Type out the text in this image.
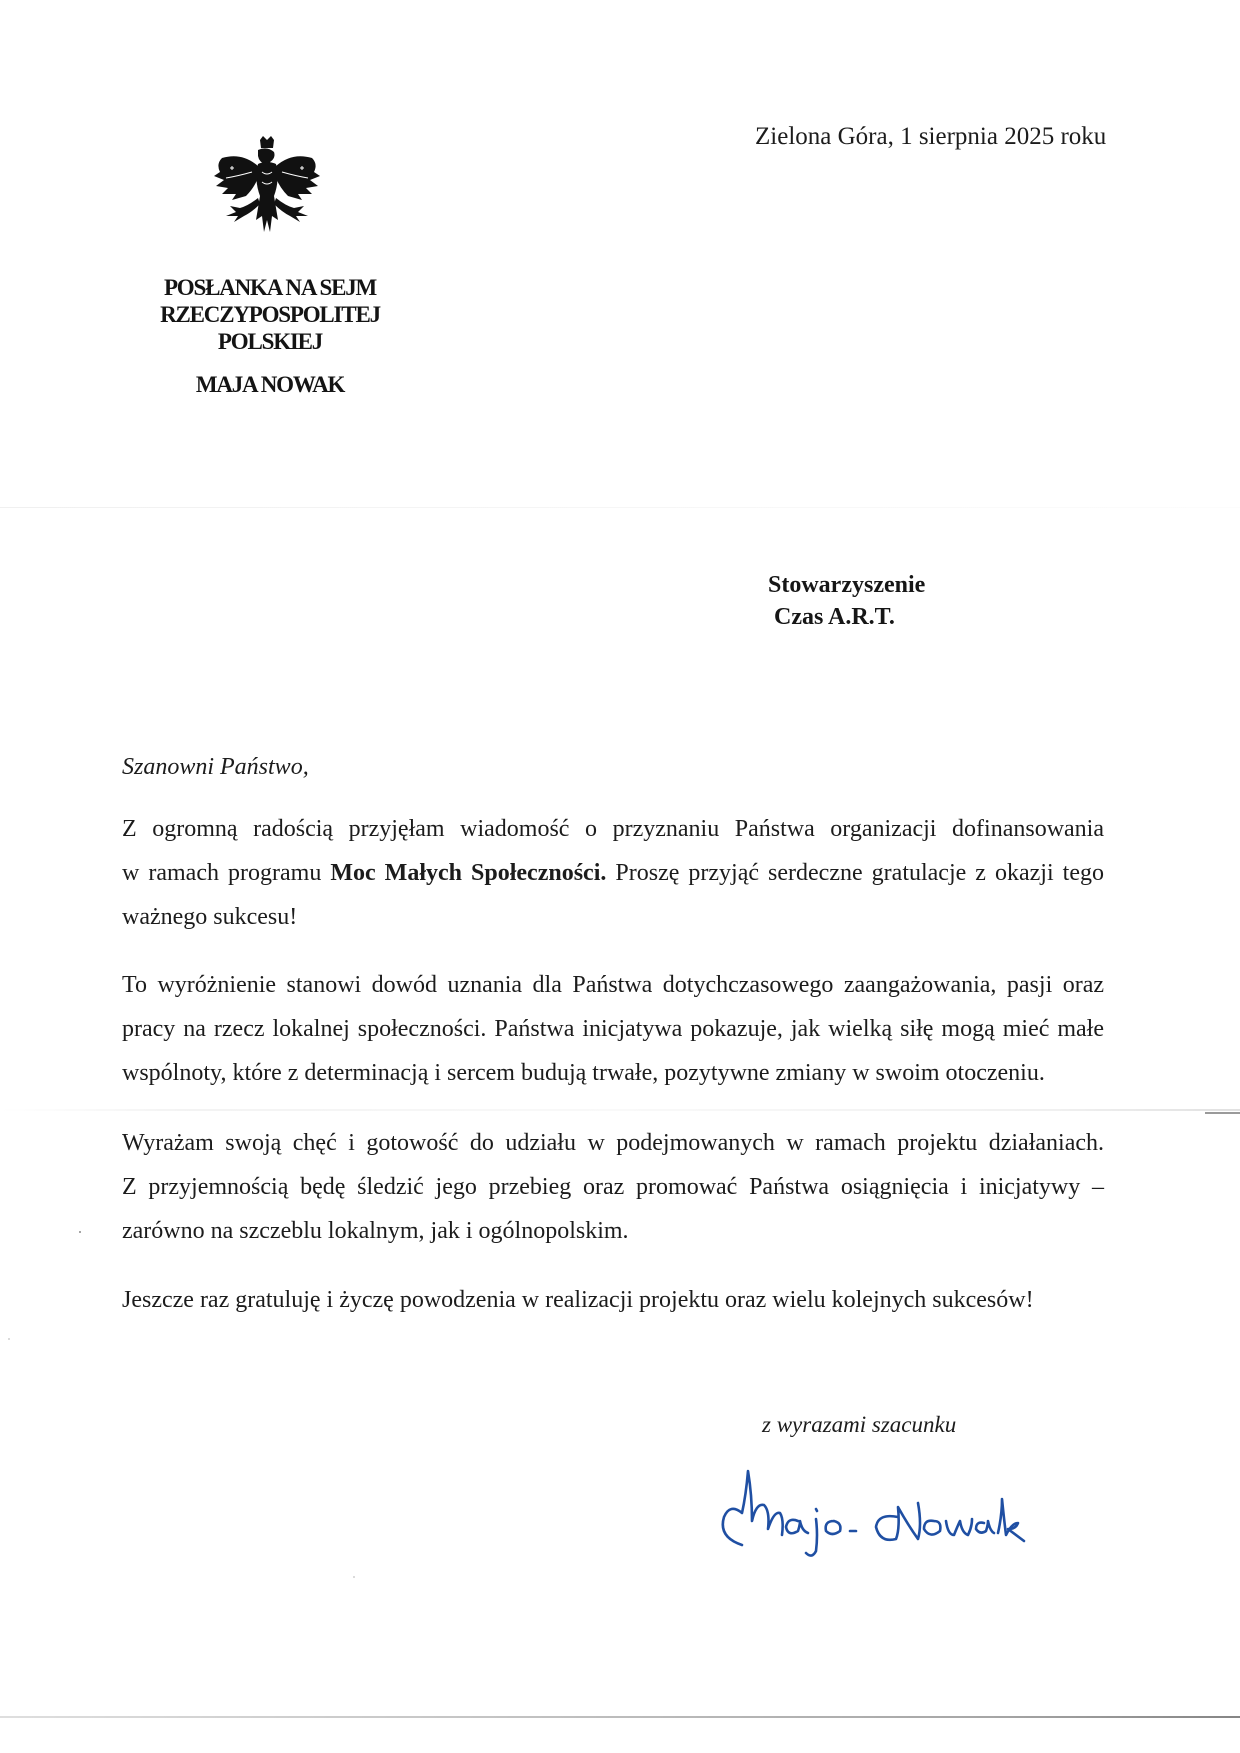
POSŁANKA NA SEJM
RZECZYPOSPOLITEJ
POLSKIEJ
MAJA NOWAK
Zielona Góra, 1 sierpnia 2025 roku
Stowarzyszenie
Czas A.R.T.
Szanowni Państwo,
Z ogromną radością przyjęłam wiadomość o przyznaniu Państwa organizacji dofinansowania
w ramach programu Moc Małych Społeczności. Proszę przyjąć serdeczne gratulacje z okazji tego
ważnego sukcesu!
To wyróżnienie stanowi dowód uznania dla Państwa dotychczasowego zaangażowania, pasji oraz
pracy na rzecz lokalnej społeczności. Państwa inicjatywa pokazuje, jak wielką siłę mogą mieć małe
wspólnoty, które z determinacją i sercem budują trwałe, pozytywne zmiany w swoim otoczeniu.
Wyrażam swoją chęć i gotowość do udziału w podejmowanych w ramach projektu działaniach.
Z przyjemnością będę śledzić jego przebieg oraz promować Państwa osiągnięcia i inicjatywy –
zarówno na szczeblu lokalnym, jak i ogólnopolskim.
Jeszcze raz gratuluję i życzę powodzenia w realizacji projektu oraz wielu kolejnych sukcesów!
z wyrazami szacunku
